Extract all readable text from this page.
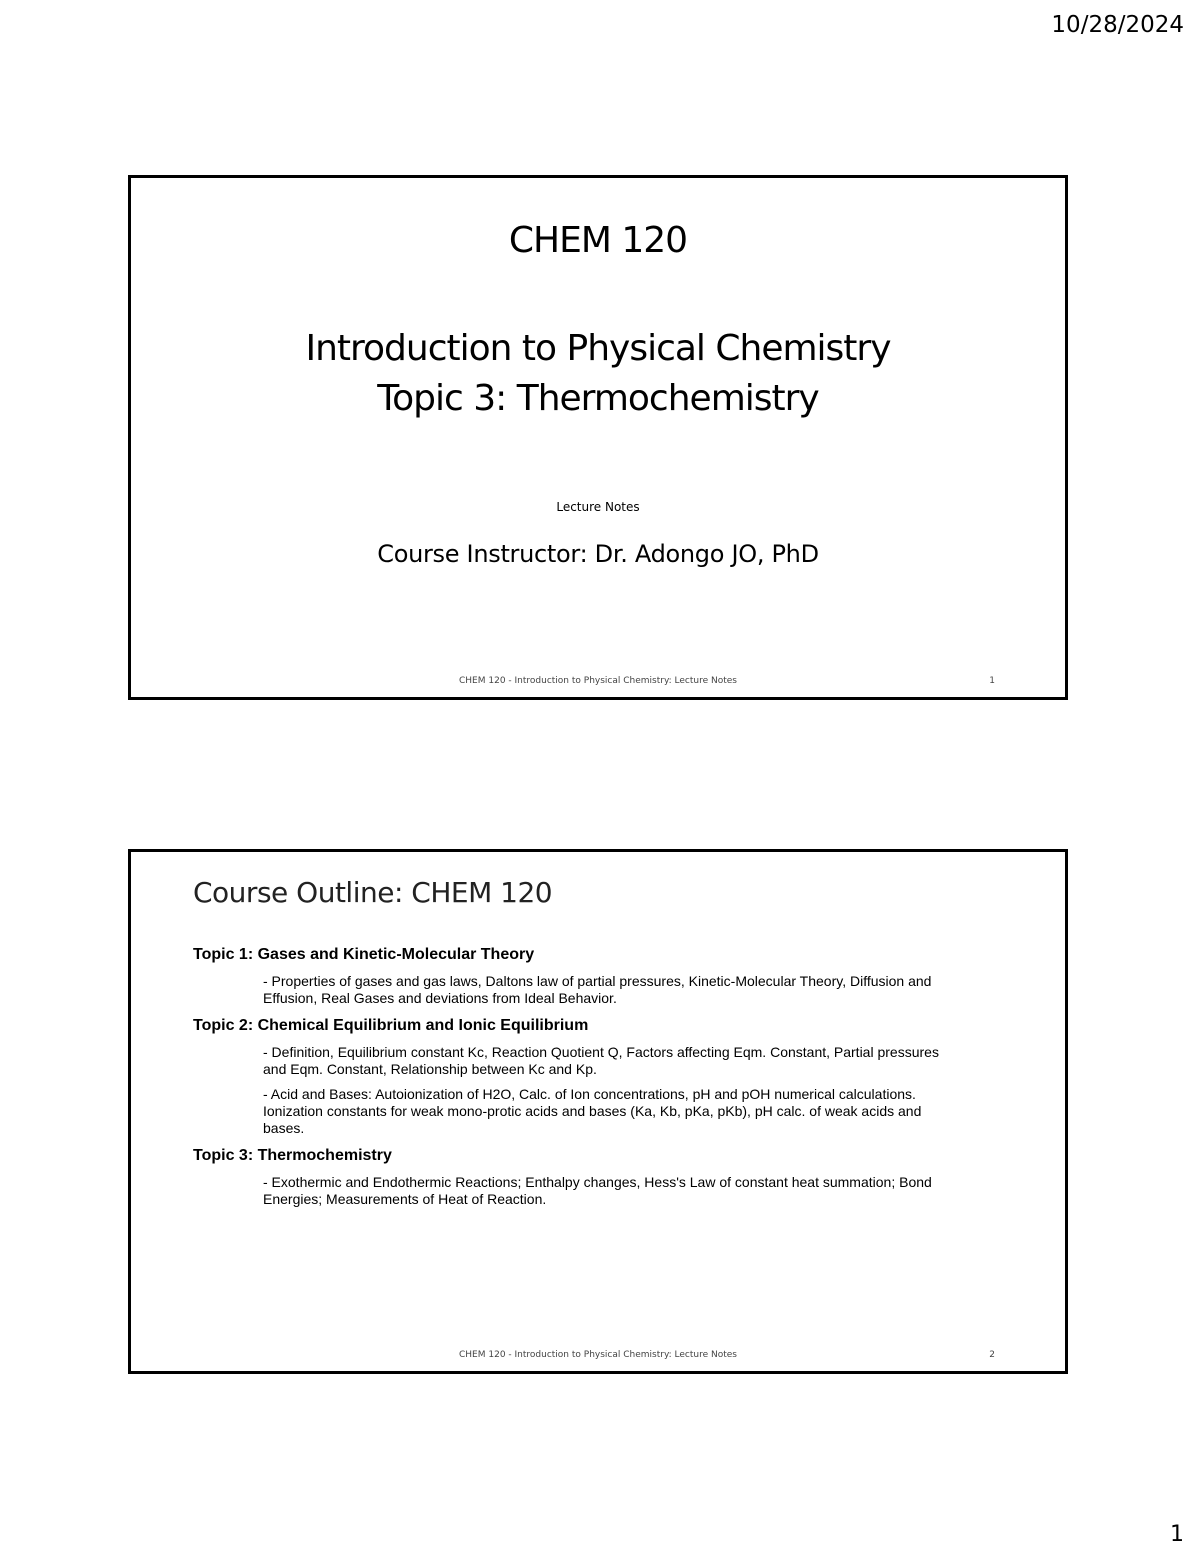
10/28/2024
CHEM 120
Introduction to Physical Chemistry
Topic 3: Thermochemistry
Lecture Notes
Course Instructor: Dr. Adongo JO, PhD
CHEM 120 - Introduction to Physical Chemistry: Lecture Notes	1
Course Outline: CHEM 120
Topic 1: Gases and Kinetic-Molecular Theory
- Properties of gases and gas laws, Daltons law of partial pressures, Kinetic-Molecular Theory, Diffusion and Effusion, Real Gases and deviations from Ideal Behavior.
Topic 2: Chemical Equilibrium and Ionic Equilibrium
- Definition, Equilibrium constant Kc, Reaction Quotient Q, Factors affecting Eqm. Constant, Partial pressures and Eqm. Constant, Relationship between Kc and Kp.
- Acid and Bases: Autoionization of H2O, Calc. of Ion concentrations, pH and pOH numerical calculations. Ionization constants for weak mono-protic acids and bases (Ka, Kb, pKa, pKb), pH calc. of weak acids and bases.
Topic 3: Thermochemistry
- Exothermic and Endothermic Reactions; Enthalpy changes, Hess's Law of constant heat summation; Bond Energies; Measurements of Heat of Reaction.
CHEM 120 - Introduction to Physical Chemistry: Lecture Notes	2
1
